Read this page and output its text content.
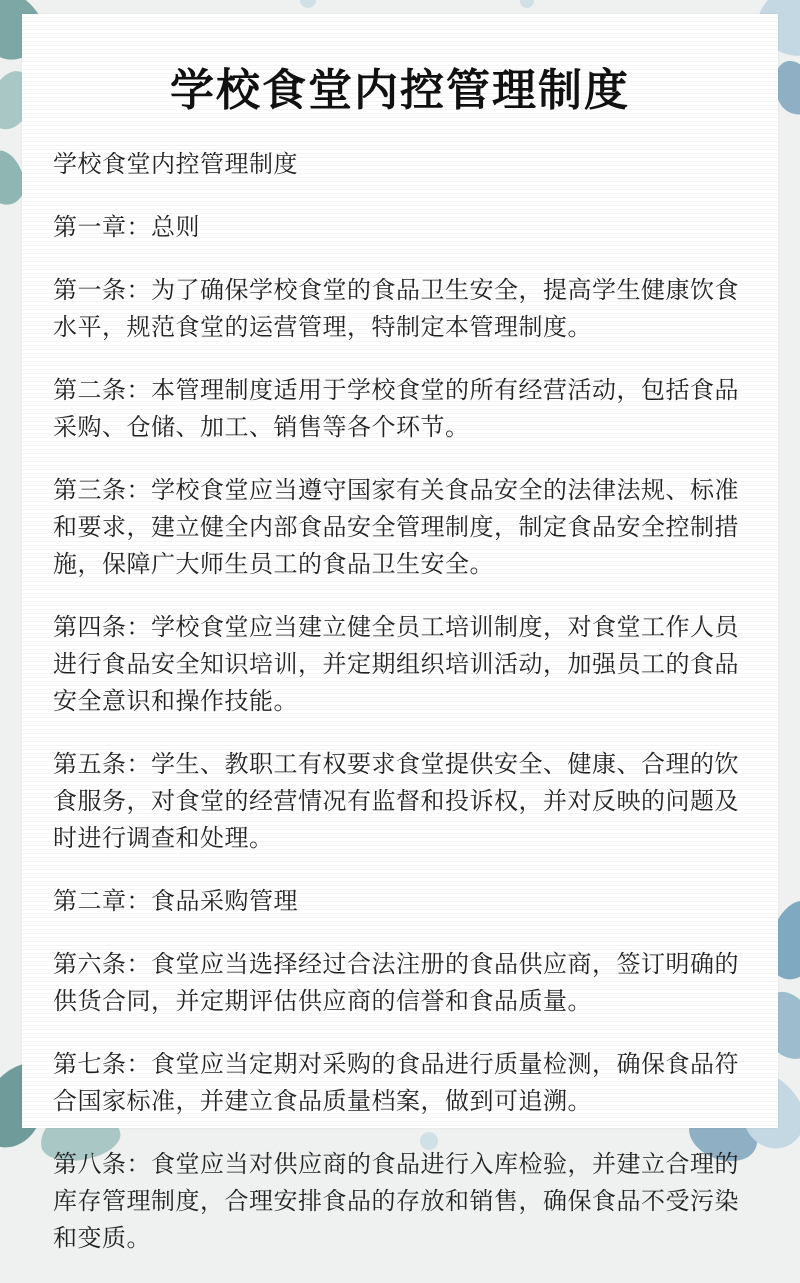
学校食堂内控管理制度

学校食堂内控管理制度

第一章：总则

第一条：为了确保学校食堂的食品卫生安全，提高学生健康饮食水平，规范食堂的运营管理，特制定本管理制度。

第二条：本管理制度适用于学校食堂的所有经营活动，包括食品采购、仓储、加工、销售等各个环节。

第三条：学校食堂应当遵守国家有关食品安全的法律法规、标准和要求，建立健全内部食品安全管理制度，制定食品安全控制措施，保障广大师生员工的食品卫生安全。

第四条：学校食堂应当建立健全员工培训制度，对食堂工作人员进行食品安全知识培训，并定期组织培训活动，加强员工的食品安全意识和操作技能。

第五条：学生、教职工有权要求食堂提供安全、健康、合理的饮食服务，对食堂的经营情况有监督和投诉权，并对反映的问题及时进行调查和处理。

第二章：食品采购管理

第六条：食堂应当选择经过合法注册的食品供应商，签订明确的供货合同，并定期评估供应商的信誉和食品质量。

第七条：食堂应当定期对采购的食品进行质量检测，确保食品符合国家标准，并建立食品质量档案，做到可追溯。

第八条：食堂应当对供应商的食品进行入库检验，并建立合理的库存管理制度，合理安排食品的存放和销售，确保食品不受污染和变质。
